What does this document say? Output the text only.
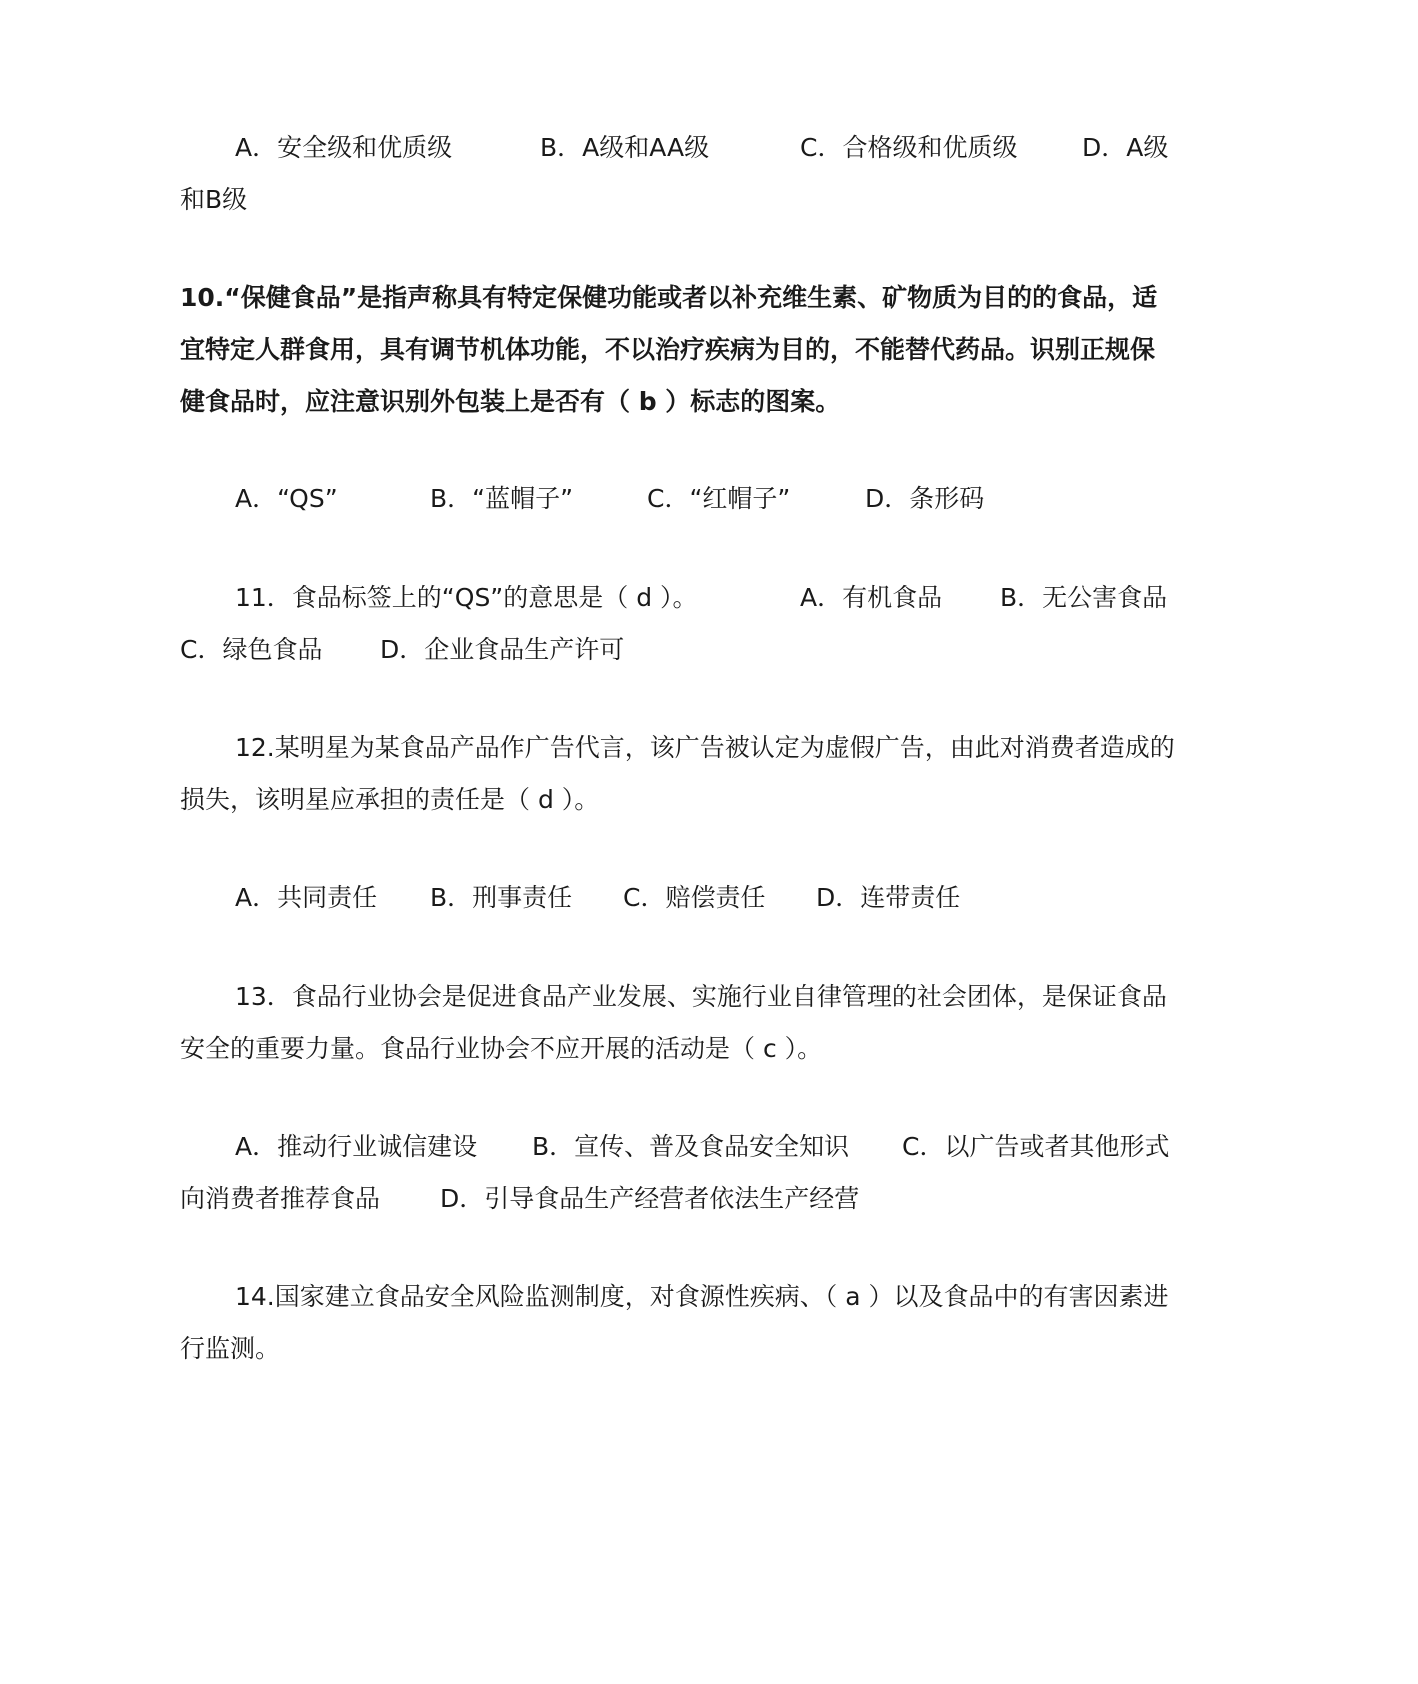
A．安全级和优质级	B．A级和AA级	C．合格级和优质级	D．A级
和B级
10.“保健食品”是指声称具有特定保健功能或者以补充维生素、矿物质为目的的食品，适
宜特定人群食用，具有调节机体功能，不以治疗疾病为目的，不能替代药品。识别正规保
健食品时，应注意识别外包装上是否有（ b ）标志的图案。
A．“QS”	B．“蓝帽子”	C．“红帽子”	D．条形码
11．食品标签上的“QS”的意思是（ d ）。	A．有机食品 B．无公害食品
C．绿色食品 D．企业食品生产许可
12.某明星为某食品产品作广告代言，该广告被认定为虚假广告，由此对消费者造成的
损失，该明星应承担的责任是（ d ）。
A．共同责任 B．刑事责任 C．赔偿责任 D．连带责任
13．食品行业协会是促进食品产业发展、实施行业自律管理的社会团体，是保证食品
安全的重要力量。食品行业协会不应开展的活动是（ c ）。
A．推动行业诚信建设 B．宣传、普及食品安全知识 C．以广告或者其他形式
向消费者推荐食品 D．引导食品生产经营者依法生产经营
14.国家建立食品安全风险监测制度，对食源性疾病、（ a ）以及食品中的有害因素进
行监测。
